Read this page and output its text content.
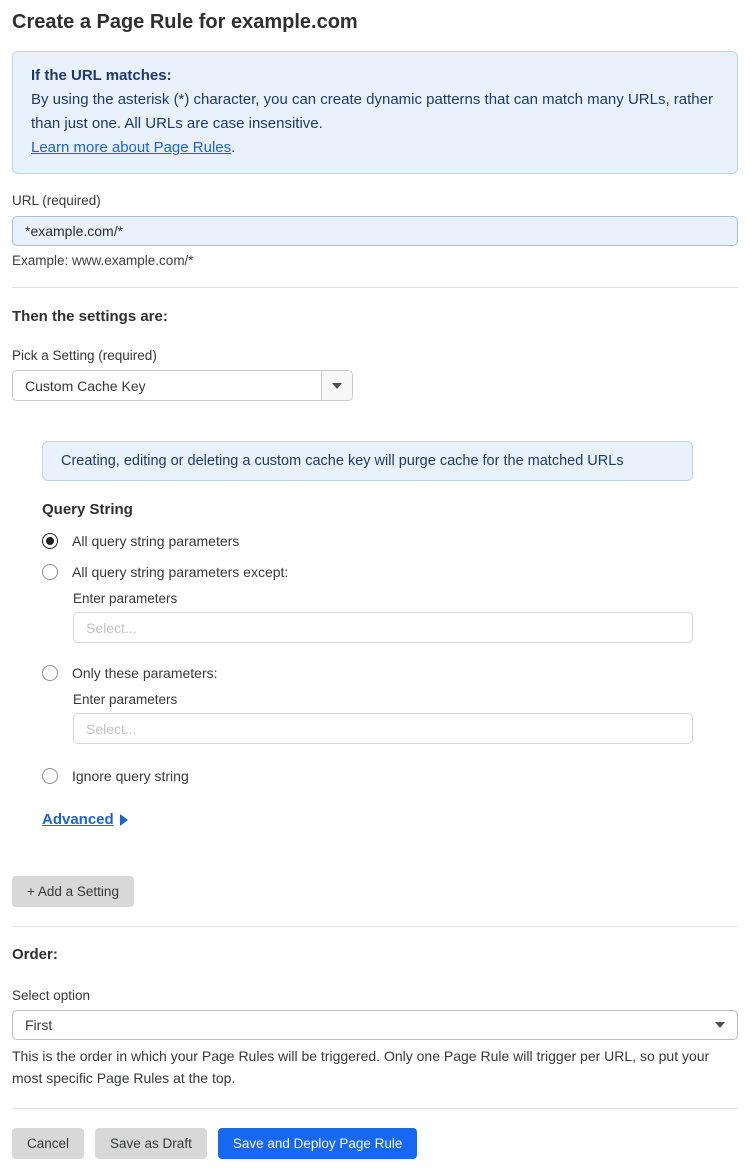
Create a Page Rule for example.com
If the URL matches:
By using the asterisk (*) character, you can create dynamic patterns that can match many URLs, rather than just one. All URLs are case insensitive.
Learn more about Page Rules.
URL (required)
*example.com/*
Example: www.example.com/*
Then the settings are:
Pick a Setting (required)
Custom Cache Key
Creating, editing or deleting a custom cache key will purge cache for the matched URLs
Query String
All query string parameters
All query string parameters except:
Enter parameters
Select...
Only these parameters:
Enter parameters
Select...
Ignore query string
Advanced

+ Add a Setting
Order:
Select option
First
This is the order in which your Page Rules will be triggered. Only one Page Rule will trigger per URL, so put your most specific Page Rules at the top.
Cancel	Save as Draft	Save and Deploy Page Rule
